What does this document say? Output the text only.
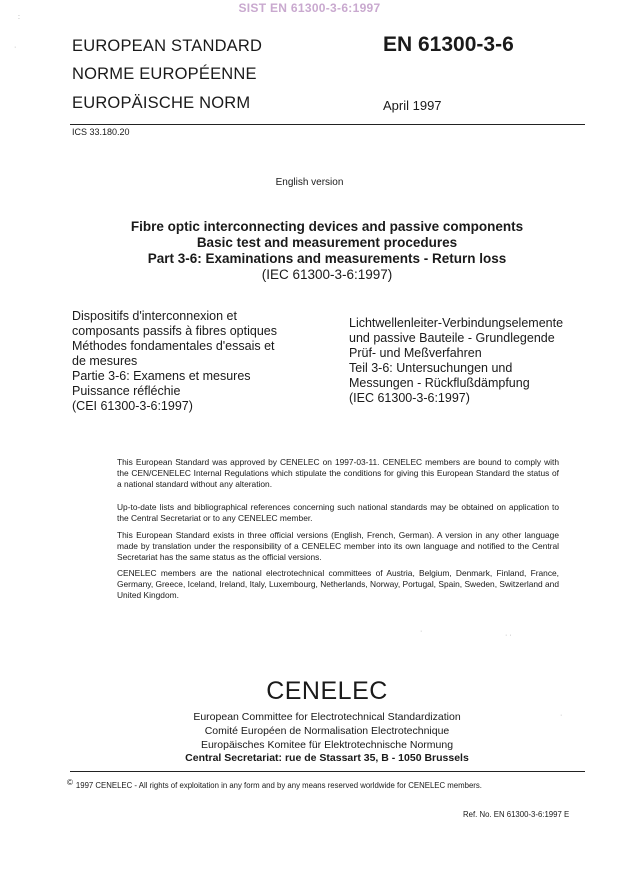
SIST EN 61300-3-6:1997
EUROPEAN STANDARD
NORME EUROPÉENNE
EUROPÄISCHE NORM
EN 61300-3-6
April 1997
ICS 33.180.20
English version
Fibre optic interconnecting devices and passive components
Basic test and measurement procedures
Part 3-6: Examinations and measurements - Return loss
(IEC 61300-3-6:1997)
Dispositifs d'interconnexion et
composants passifs à fibres optiques
Méthodes fondamentales d'essais et
de mesures
Partie 3-6: Examens et mesures
Puissance réfléchie
(CEI 61300-3-6:1997)
Lichtwellenleiter-Verbindungselemente
und passive Bauteile - Grundlegende
Prüf- und Meßverfahren
Teil 3-6: Untersuchungen und
Messungen - Rückflußdämpfung
(IEC 61300-3-6:1997)
This European Standard was approved by CENELEC on 1997-03-11. CENELEC members are bound to comply with the CEN/CENELEC Internal Regulations which stipulate the conditions for giving this European Standard the status of a national standard without any alteration.
Up-to-date lists and bibliographical references concerning such national standards may be obtained on application to the Central Secretariat or to any CENELEC member.
This European Standard exists in three official versions (English, French, German). A version in any other language made by translation under the responsibility of a CENELEC member into its own language and notified to the Central Secretariat has the same status as the official versions.
CENELEC members are the national electrotechnical committees of Austria, Belgium, Denmark, Finland, France, Germany, Greece, Iceland, Ireland, Italy, Luxembourg, Netherlands, Norway, Portugal, Spain, Sweden, Switzerland and United Kingdom.
CENELEC
European Committee for Electrotechnical Standardization
Comité Européen de Normalisation Electrotechnique
Europäisches Komitee für Elektrotechnische Normung
Central Secretariat: rue de Stassart 35, B - 1050 Brussels
© 1997 CENELEC - All rights of exploitation in any form and by any means reserved worldwide for CENELEC members.
Ref. No. EN 61300-3-6:1997 E
:
·
·
· ·
·
